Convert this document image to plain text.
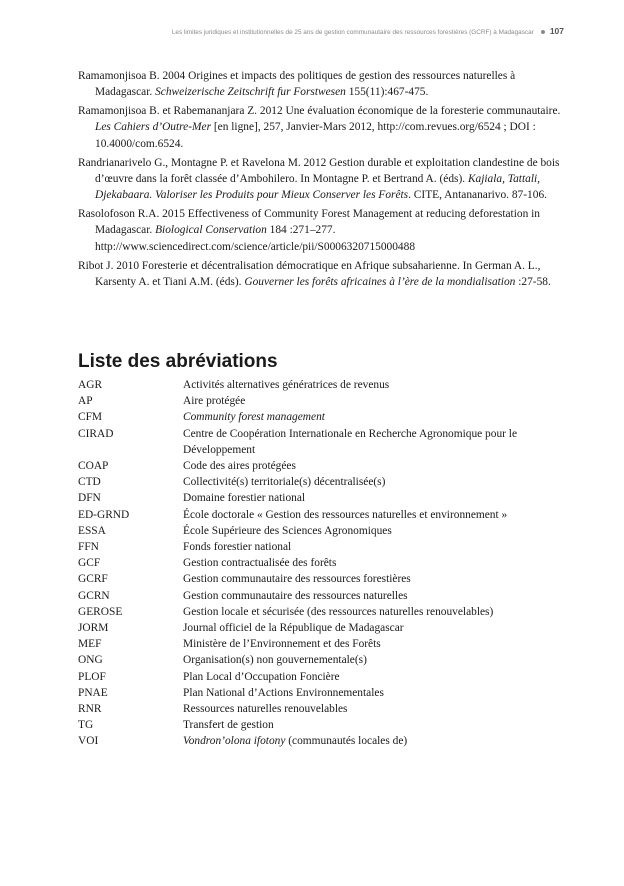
Les limites juridiques et institutionnelles de 25 ans de gestion communautaire des ressources forestières (GCRF) à Madagascar 107

Ramamonjisoa B. 2004 Origines et impacts des politiques de gestion des ressources naturelles à Madagascar. Schweizerische Zeitschrift fur Forstwesen 155(11):467-475.

Ramamonjisoa B. et Rabemananjara Z. 2012 Une évaluation économique de la foresterie communautaire. Les Cahiers d’Outre-Mer [en ligne], 257, Janvier-Mars 2012, http://com.revues.org/6524 ; DOI : 10.4000/com.6524.

Randrianarivelo G., Montagne P. et Ravelona M. 2012 Gestion durable et exploitation clandestine de bois d’œuvre dans la forêt classée d’Ambohilero. In Montagne P. et Bertrand A. (éds). Kajiala, Tattali, Djekabaara. Valoriser les Produits pour Mieux Conserver les Forêts. CITE, Antananarivo. 87-106.

Rasolofoson R.A. 2015 Effectiveness of Community Forest Management at reducing deforestation in Madagascar. Biological Conservation 184 :271–277. http://www.sciencedirect.com/science/article/pii/S0006320715000488

Ribot J. 2010 Foresterie et décentralisation démocratique en Afrique subsaharienne. In German A. L., Karsenty A. et Tiani A.M. (éds). Gouverner les forêts africaines à l’ère de la mondialisation :27-58.

Liste des abréviations
AGR	Activités alternatives génératrices de revenus
AP	Aire protégée
CFM	Community forest management
CIRAD	Centre de Coopération Internationale en Recherche Agronomique pour le Développement
COAP	Code des aires protégées
CTD	Collectivité(s) territoriale(s) décentralisée(s)
DFN	Domaine forestier national
ED-GRND	École doctorale « Gestion des ressources naturelles et environnement »
ESSA	École Supérieure des Sciences Agronomiques
FFN	Fonds forestier national
GCF	Gestion contractualisée des forêts
GCRF	Gestion communautaire des ressources forestières
GCRN	Gestion communautaire des ressources naturelles
GEROSE	Gestion locale et sécurisée (des ressources naturelles renouvelables)
JORM	Journal officiel de la République de Madagascar
MEF	Ministère de l’Environnement et des Forêts
ONG	Organisation(s) non gouvernementale(s)
PLOF	Plan Local d’Occupation Foncière
PNAE	Plan National d’Actions Environnementales
RNR	Ressources naturelles renouvelables
TG	Transfert de gestion
VOI	Vondron’olona ifotony (communautés locales de)
